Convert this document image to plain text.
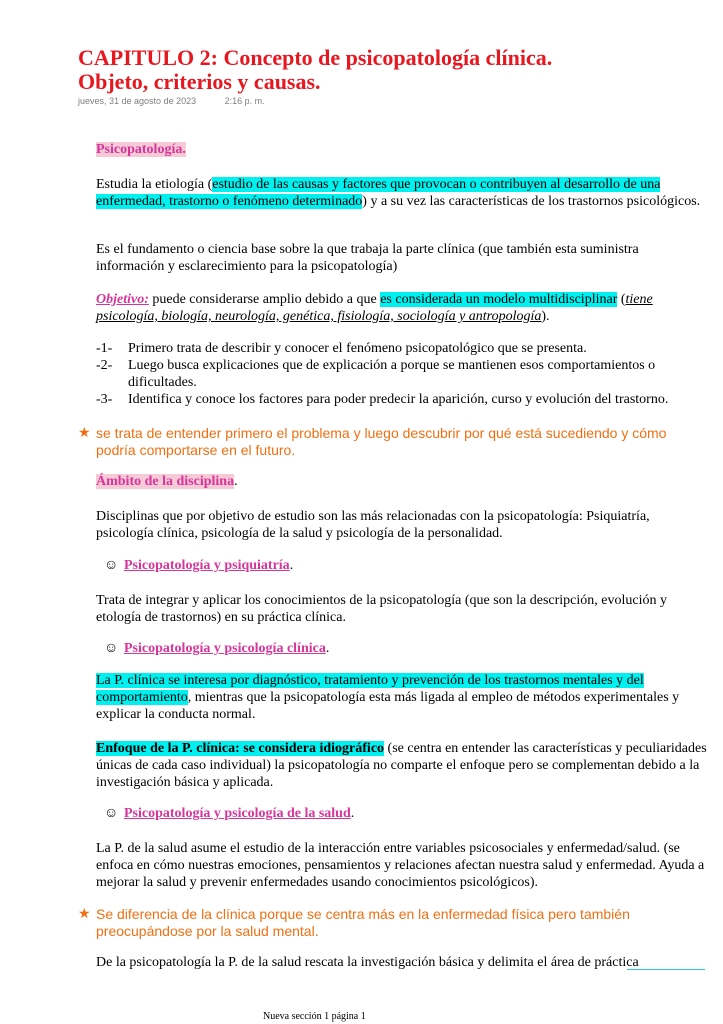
CAPITULO 2: Concepto de psicopatología clínica. Objeto, criterios y causas.
jueves, 31 de agosto de 2023	2:16 p. m.
Psicopatología.
Estudia la etiología (estudio de las causas y factores que provocan o contribuyen al desarrollo de una enfermedad, trastorno o fenómeno determinado) y a su vez las características de los trastornos psicológicos.
Es el fundamento o ciencia base sobre la que trabaja la parte clínica (que también esta suministra información y esclarecimiento para la psicopatología)
Objetivo: puede considerarse amplio debido a que es considerada un modelo multidisciplinar (tiene psicología, biología, neurología, genética, fisiología, sociología y antropología).
-1-	Primero trata de describir y conocer el fenómeno psicopatológico que se presenta.
-2-	Luego busca explicaciones que de explicación a porque se mantienen esos comportamientos o dificultades.
-3-	Identifica y conoce los factores para poder predecir la aparición, curso y evolución del trastorno.
★ se trata de entender primero el problema y luego descubrir por qué está sucediendo y cómo podría comportarse en el futuro.
Ámbito de la disciplina.
Disciplinas que por objetivo de estudio son las más relacionadas con la psicopatología: Psiquiatría, psicología clínica, psicología de la salud y psicología de la personalidad.
☺ Psicopatología y psiquiatría.
Trata de integrar y aplicar los conocimientos de la psicopatología (que son la descripción, evolución y etología de trastornos) en su práctica clínica.
☺ Psicopatología y psicología clínica.
La P. clínica se interesa por diagnóstico, tratamiento y prevención de los trastornos mentales y del comportamiento, mientras que la psicopatología esta más ligada al empleo de métodos experimentales y explicar la conducta normal.
Enfoque de la P. clínica: se considera idiográfico (se centra en entender las características y peculiaridades únicas de cada caso individual) la psicopatología no comparte el enfoque pero se complementan debido a la investigación básica y aplicada.
☺ Psicopatología y psicología de la salud.
La P. de la salud asume el estudio de la interacción entre variables psicosociales y enfermedad/salud. (se enfoca en cómo nuestras emociones, pensamientos y relaciones afectan nuestra salud y enfermedad. Ayuda a mejorar la salud y prevenir enfermedades usando conocimientos psicológicos).
★ Se diferencia de la clínica porque se centra más en la enfermedad física pero también preocupándose por la salud mental.
De la psicopatología la P. de la salud rescata la investigación básica y delimita el área de práctica
Nueva sección 1 página 1
